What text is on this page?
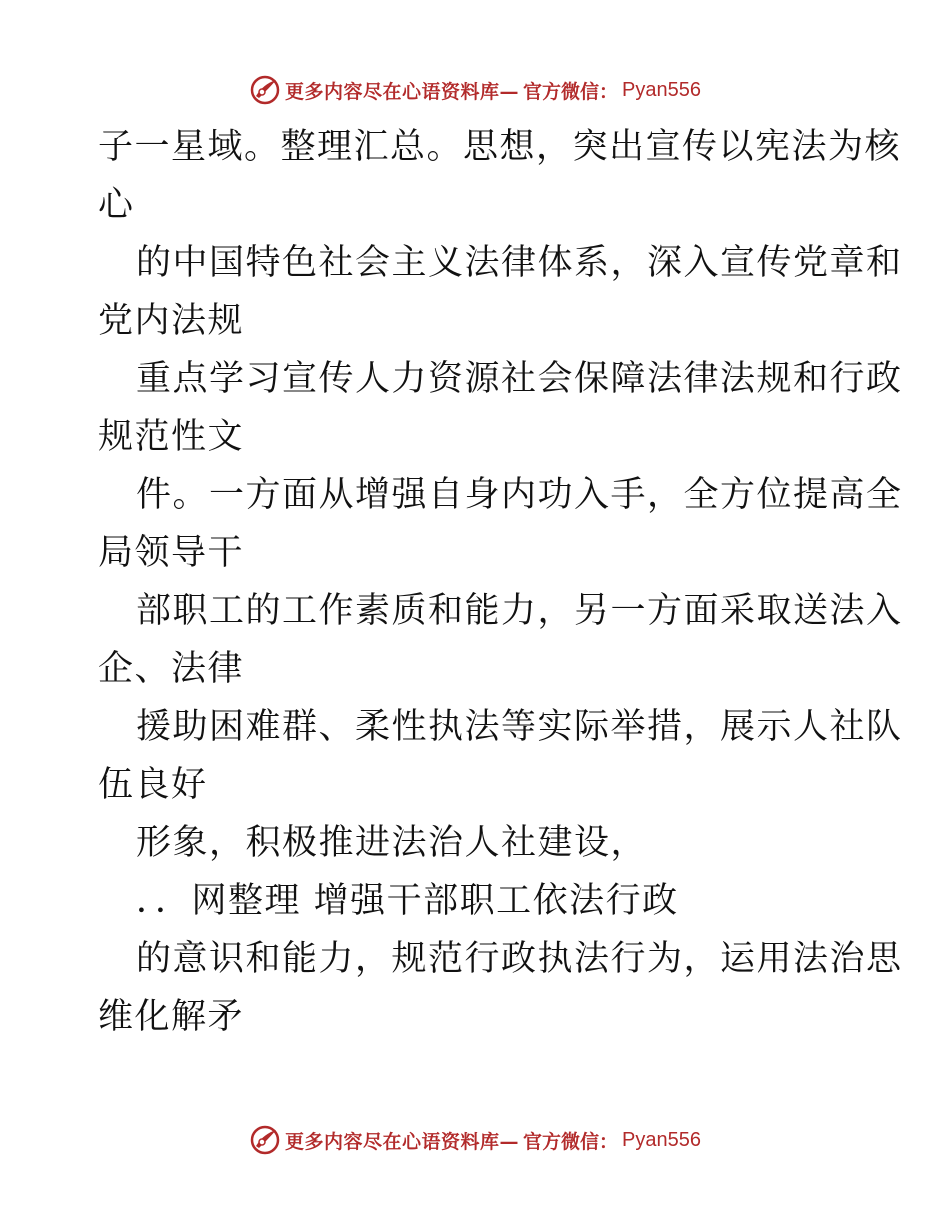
更多内容尽在心语资料库— 官方微信： Pyan556
子一星域。整理汇总。思想，突出宣传以宪法为核
心
的中国特色社会主义法律体系，深入宣传党章和
党内法规
重点学习宣传人力资源社会保障法律法规和行政
规范性文
件。一方面从增强自身内功入手，全方位提高全
局领导干
部职工的工作素质和能力，另一方面采取送法入
企、法律
援助困难群、柔性执法等实际举措，展示人社队
伍良好
形象，积极推进法治人社建设，
．．网整理 增强干部职工依法行政
的意识和能力，规范行政执法行为，运用法治思
维化解矛
更多内容尽在心语资料库— 官方微信： Pyan556
